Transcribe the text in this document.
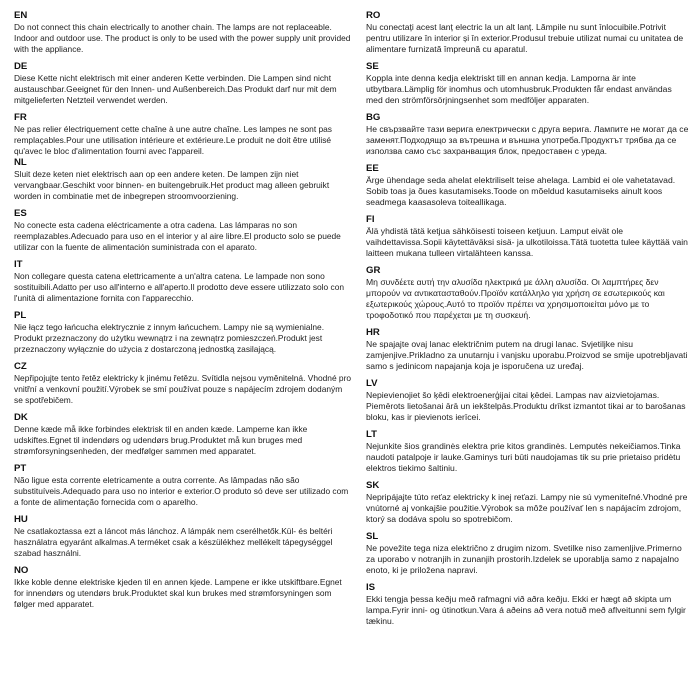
EN
Do not connect this chain electrically to another chain. The lamps are not replaceable. Indoor and outdoor use. The product is only to be used with the power supply unit provided with the appliance.
DE
Diese Kette nicht elektrisch mit einer anderen Kette verbinden. Die Lampen sind nicht austauschbar.Geeignet für den Innen- und Außenbereich.Das Produkt darf nur mit dem mitgelieferten Netzteil verwendet werden.
FR
Ne pas relier électriquement cette chaîne à une autre chaîne. Les lampes ne sont pas remplaçables.Pour une utilisation intérieure et extérieure.Le produit ne doit être utilisé qu'avec le bloc d'alimentation fourni avec l'appareil.
NL
Sluit deze keten niet elektrisch aan op een andere keten. De lampen zijn niet vervangbaar.Geschikt voor binnen- en buitengebruik.Het product mag alleen gebruikt worden in combinatie met de inbegrepen stroomvoorziening.
ES
No conecte esta cadena eléctricamente a otra cadena. Las lámparas no son reemplazables.Adecuado para uso en el interior y al aire libre.El producto solo se puede utilizar con la fuente de alimentación suministrada con el aparato.
IT
Non collegare questa catena elettricamente a un'altra catena. Le lampade non sono sostituibili.Adatto per uso all'interno e all'aperto.Il prodotto deve essere utilizzato solo con l'unità di alimentazione fornita con l'apparecchio.
PL
Nie łącz tego łańcucha elektrycznie z innym łańcuchem. Lampy nie są wymienialne. Produkt przeznaczony do użytku wewnątrz i na zewnątrz pomieszczeń.Produkt jest przeznaczony wyłącznie do użycia z dostarczoną jednostką zasilającą.
CZ
Nepřipojujte tento řetěz elektricky k jinému řetězu. Svítidla nejsou vyměnitelná. Vhodné pro vnitřní a venkovní použití.Výrobek se smí používat pouze s napájecím zdrojem dodaným se spotřebičem.
DK
Denne kæde må ikke forbindes elektrisk til en anden kæde. Lamperne kan ikke udskiftes.Egnet til indendørs og udendørs brug.Produktet må kun bruges med strømforsyningsenheden, der medfølger sammen med apparatet.
PT
Não ligue esta corrente eletricamente a outra corrente. As lâmpadas não são substituíveis.Adequado para uso no interior e exterior.O produto só deve ser utilizado com a fonte de alimentação fornecida com o aparelho.
HU
Ne csatlakoztassa ezt a láncot más lánchoz. A lámpák nem cserélhetők.Kül- és beltéri használatra egyaránt alkalmas.A terméket csak a készülékhez mellékelt tápegységgel szabad használni.
NO
Ikke koble denne elektriske kjeden til en annen kjede. Lampene er ikke utskiftbare.Egnet for innendørs og utendørs bruk.Produktet skal kun brukes med strømforsyningen som følger med apparatet.
RO
Nu conectați acest lanț electric la un alt lanț. Lămpile nu sunt înlocuibile.Potrivit pentru utilizare în interior și în exterior.Produsul trebuie utilizat numai cu unitatea de alimentare furnizată împreună cu aparatul.
SE
Koppla inte denna kedja elektriskt till en annan kedja. Lamporna är inte utbytbara.Lämplig för inomhus och utomhusbruk.Produkten får endast användas med den strömförsörjningsenhet som medföljer apparaten.
BG
Не свързвайте тази верига електрически с друга верига. Лампите не могат да се заменят.Подходящо за вътрешна и външна употреба.Продуктът трябва да се използва само със захранващия блок, предоставен с уреда.
EE
Ärge ühendage seda ahelat elektriliselt teise ahelaga. Lambid ei ole vahetatavad. Sobib toas ja õues kasutamiseks.Toode on mõeldud kasutamiseks ainult koos seadmega kaasasoleva toiteallikaga.
FI
Älä yhdistä tätä ketjua sähköisesti toiseen ketjuun. Lamput eivät ole vaihdettavissa.Sopii käytettäväksi sisä- ja ulkotiloissa.Tätä tuotetta tulee käyttää vain laitteen mukana tulleen virtalähteen kanssa.
GR
Μη συνδέετε αυτή την αλυσίδα ηλεκτρικά με άλλη αλυσίδα. Οι λαμπτήρες δεν μπορούν να αντικατασταθούν.Προϊόν κατάλληλο για χρήση σε εσωτερικούς και εξωτερικούς χώρους.Αυτό το προϊόν πρέπει να χρησιμοποιείται μόνο με το τροφοδοτικό που παρέχεται με τη συσκευή.
HR
Ne spajajte ovaj lanac električnim putem na drugi lanac. Svjetiljke nisu zamjenjive.Prikladno za unutarnju i vanjsku uporabu.Proizvod se smije upotrebljavati samo s jedinicom napajanja koja je isporučena uz uređaj.
LV
Nepievienojiet šo ķēdi elektroenerģijai citai ķēdei. Lampas nav aizvietojamas. Piemērots lietošanai ārā un iekštelpās.Produktu drīkst izmantot tikai ar to barošanas bloku, kas ir pievienots ierīcei.
LT
Nejunkite šios grandinės elektra prie kitos grandinės. Lemputės nekeičiamos.Tinka naudoti patalpoje ir lauke.Gaminys turi būti naudojamas tik su prie prietaiso pridėtu elektros tiekimo šaltiniu.
SK
Nepripájajte túto reťaz elektricky k inej reťazi. Lampy nie sú vymeniteľné.Vhodné pre vnútorné aj vonkajšie použitie.Výrobok sa môže používať len s napájacím zdrojom, ktorý sa dodáva spolu so spotrebičom.
SL
Ne povežite tega niza električno z drugim nizom. Svetilke niso zamenljive.Primerno za uporabo v notranjih in zunanjih prostorih.Izdelek se uporablja samo z napajalno enoto, ki je priložena napravi.
IS
Ekki tengja þessa keðju með rafmagni við aðra keðju. Ekki er hægt að skipta um lampa.Fyrir inni- og útinotkun.Vara á aðeins að vera notuð með aflveitunni sem fylgir tækinu.
